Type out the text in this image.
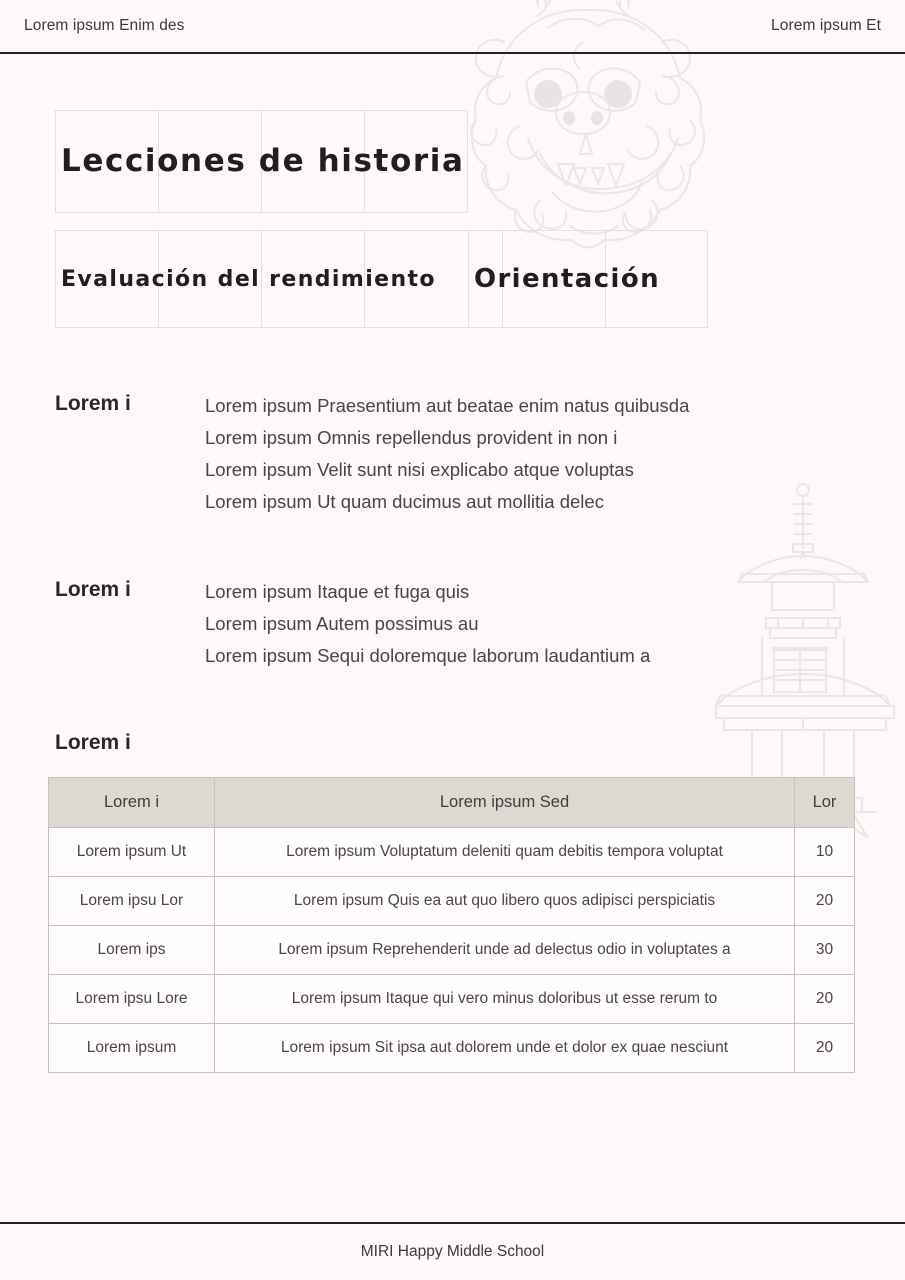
Lorem ipsum Enim des	Lorem ipsum Et
Lecciones de historia
Evaluación del rendimiento Orientación
Lorem i	Lorem ipsum Praesentium aut beatae enim natus quibusda
Lorem ipsum Omnis repellendus provident in non i
Lorem ipsum Velit sunt nisi explicabo atque voluptas
Lorem ipsum Ut quam ducimus aut mollitia delec
Lorem i	Lorem ipsum Itaque et fuga quis
Lorem ipsum Autem possimus au
Lorem ipsum Sequi doloremque laborum laudantium a
Lorem i
Lorem i	Lorem ipsum Sed	Lor
Lorem ipsum Ut	Lorem ipsum Voluptatum deleniti quam debitis tempora voluptat	10
Lorem ipsu Lor	Lorem ipsum Quis ea aut quo libero quos adipisci perspiciatis	20
Lorem ips	Lorem ipsum Reprehenderit unde ad delectus odio in voluptates a	30
Lorem ipsu Lore	Lorem ipsum Itaque qui vero minus doloribus ut esse rerum to	20
Lorem ipsum	Lorem ipsum Sit ipsa aut dolorem unde et dolor ex quae nesciunt	20
MIRI Happy Middle School
